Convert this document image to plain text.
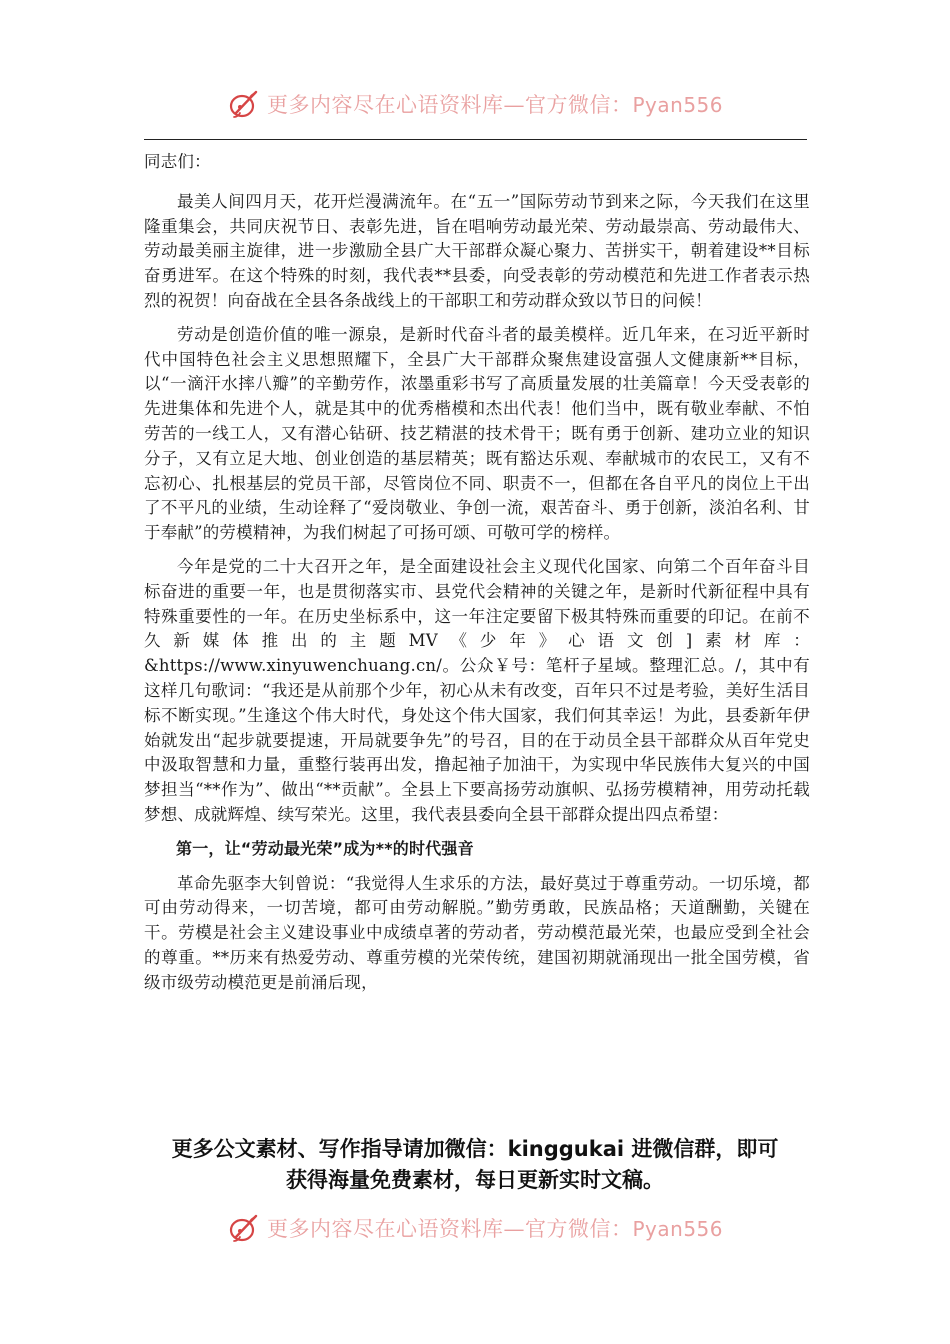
更多内容尽在心语资料库—官方微信：Pyan556

同志们：

最美人间四月天，花开烂漫满流年。在“五一”国际劳动节到来之际，今天我们在这里隆重集会，共同庆祝节日、表彰先进，旨在唱响劳动最光荣、劳动最崇高、劳动最伟大、劳动最美丽主旋律，进一步激励全县广大干部群众凝心聚力、苦拼实干，朝着建设**目标奋勇进军。在这个特殊的时刻，我代表**县委，向受表彰的劳动模范和先进工作者表示热烈的祝贺！向奋战在全县各条战线上的干部职工和劳动群众致以节日的问候！

劳动是创造价值的唯一源泉，是新时代奋斗者的最美模样。近几年来，在习近平新时代中国特色社会主义思想照耀下，全县广大干部群众聚焦建设富强人文健康新**目标，以“一滴汗水摔八瓣”的辛勤劳作，浓墨重彩书写了高质量发展的壮美篇章！今天受表彰的先进集体和先进个人，就是其中的优秀楷模和杰出代表！他们当中，既有敬业奉献、不怕劳苦的一线工人，又有潜心钻研、技艺精湛的技术骨干；既有勇于创新、建功立业的知识分子，又有立足大地、创业创造的基层精英；既有豁达乐观、奉献城市的农民工，又有不忘初心、扎根基层的党员干部，尽管岗位不同、职责不一，但都在各自平凡的岗位上干出了不平凡的业绩，生动诠释了“爱岗敬业、争创一流，艰苦奋斗、勇于创新，淡泊名利、甘于奉献”的劳模精神，为我们树起了可扬可颂、可敬可学的榜样。

今年是党的二十大召开之年，是全面建设社会主义现代化国家、向第二个百年奋斗目标奋进的重要一年，也是贯彻落实市、县党代会精神的关键之年，是新时代新征程中具有特殊重要性的一年。在历史坐标系中，这一年注定要留下极其特殊而重要的印记。在前不久新媒体推出的主题MV《少年》心语文创]素材库：&https://www.xinyuwenchuang.cn/。公众￥号：笔杆子星域。整理汇总。/，其中有这样几句歌词：“我还是从前那个少年，初心从未有改变，百年只不过是考验，美好生活目标不断实现。”生逢这个伟大时代，身处这个伟大国家，我们何其幸运！为此，县委新年伊始就发出“起步就要提速，开局就要争先”的号召，目的在于动员全县干部群众从百年党史中汲取智慧和力量，重整行装再出发，撸起袖子加油干，为实现中华民族伟大复兴的中国梦担当“**作为”、做出“**贡献”。全县上下要高扬劳动旗帜、弘扬劳模精神，用劳动托载梦想、成就辉煌、续写荣光。这里，我代表县委向全县干部群众提出四点希望：

第一，让“劳动最光荣”成为**的时代强音

革命先驱李大钊曾说：“我觉得人生求乐的方法，最好莫过于尊重劳动。一切乐境，都可由劳动得来，一切苦境，都可由劳动解脱。”勤劳勇敢，民族品格；天道酬勤，关键在干。劳模是社会主义建设事业中成绩卓著的劳动者，劳动模范最光荣，也最应受到全社会的尊重。**历来有热爱劳动、尊重劳模的光荣传统，建国初期就涌现出一批全国劳模，省级市级劳动模范更是前涌后现，

更多公文素材、写作指导请加微信：kinggukai 进微信群，即可
获得海量免费素材，每日更新实时文稿。
更多内容尽在心语资料库—官方微信：Pyan556
